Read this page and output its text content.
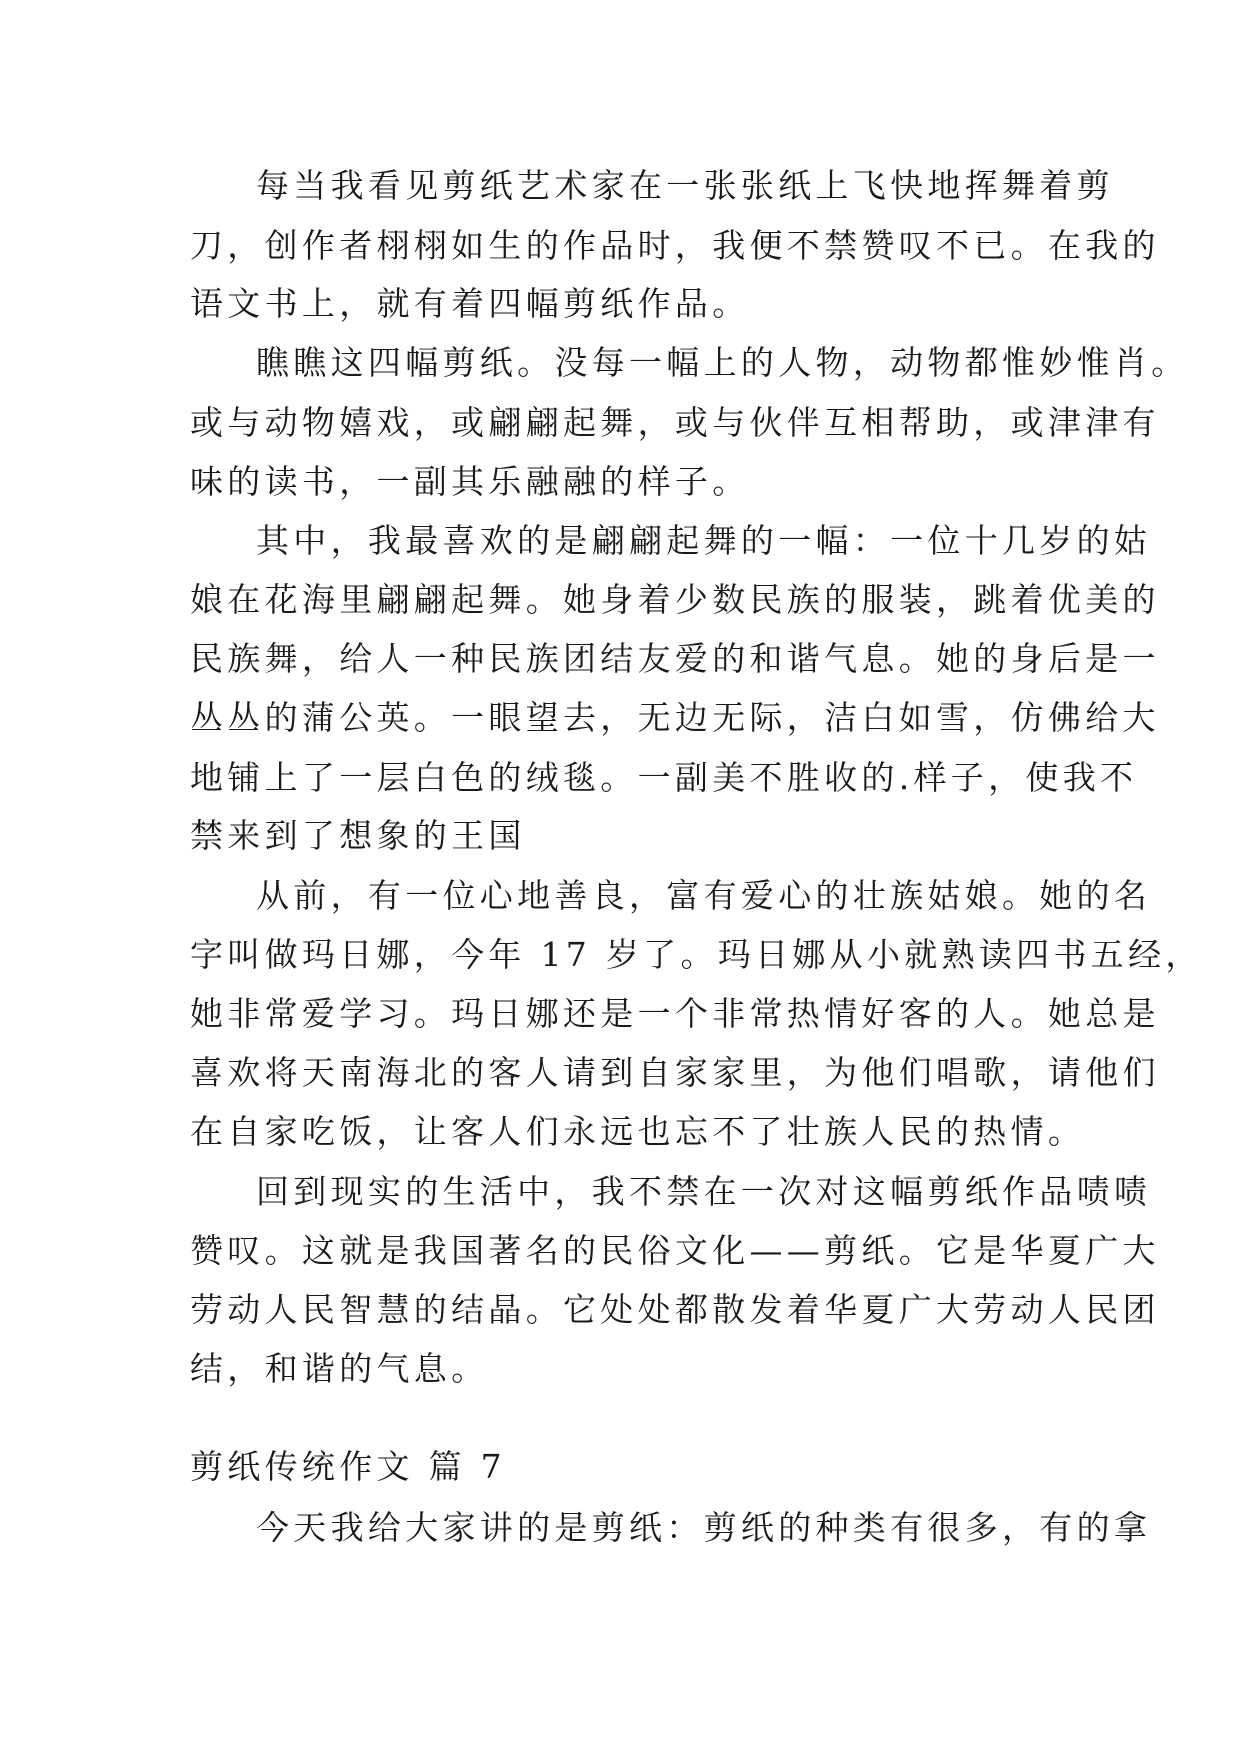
每当我看见剪纸艺术家在一张张纸上飞快地挥舞着剪
刀，创作者栩栩如生的作品时，我便不禁赞叹不已。在我的
语文书上，就有着四幅剪纸作品。
瞧瞧这四幅剪纸。没每一幅上的人物，动物都惟妙惟肖。
或与动物嬉戏，或翩翩起舞，或与伙伴互相帮助，或津津有
味的读书，一副其乐融融的样子。
其中，我最喜欢的是翩翩起舞的一幅：一位十几岁的姑
娘在花海里翩翩起舞。她身着少数民族的服装，跳着优美的
民族舞，给人一种民族团结友爱的和谐气息。她的身后是一
丛丛的蒲公英。一眼望去，无边无际，洁白如雪，仿佛给大
地铺上了一层白色的绒毯。一副美不胜收的.样子，使我不
禁来到了想象的王国
从前，有一位心地善良，富有爱心的壮族姑娘。她的名
字叫做玛日娜，今年 17 岁了。玛日娜从小就熟读四书五经，
她非常爱学习。玛日娜还是一个非常热情好客的人。她总是
喜欢将天南海北的客人请到自家家里，为他们唱歌，请他们
在自家吃饭，让客人们永远也忘不了壮族人民的热情。
回到现实的生活中，我不禁在一次对这幅剪纸作品啧啧
赞叹。这就是我国著名的民俗文化——剪纸。它是华夏广大
劳动人民智慧的结晶。它处处都散发着华夏广大劳动人民团
结，和谐的气息。
剪纸传统作文 篇 7
今天我给大家讲的是剪纸：剪纸的种类有很多，有的拿
